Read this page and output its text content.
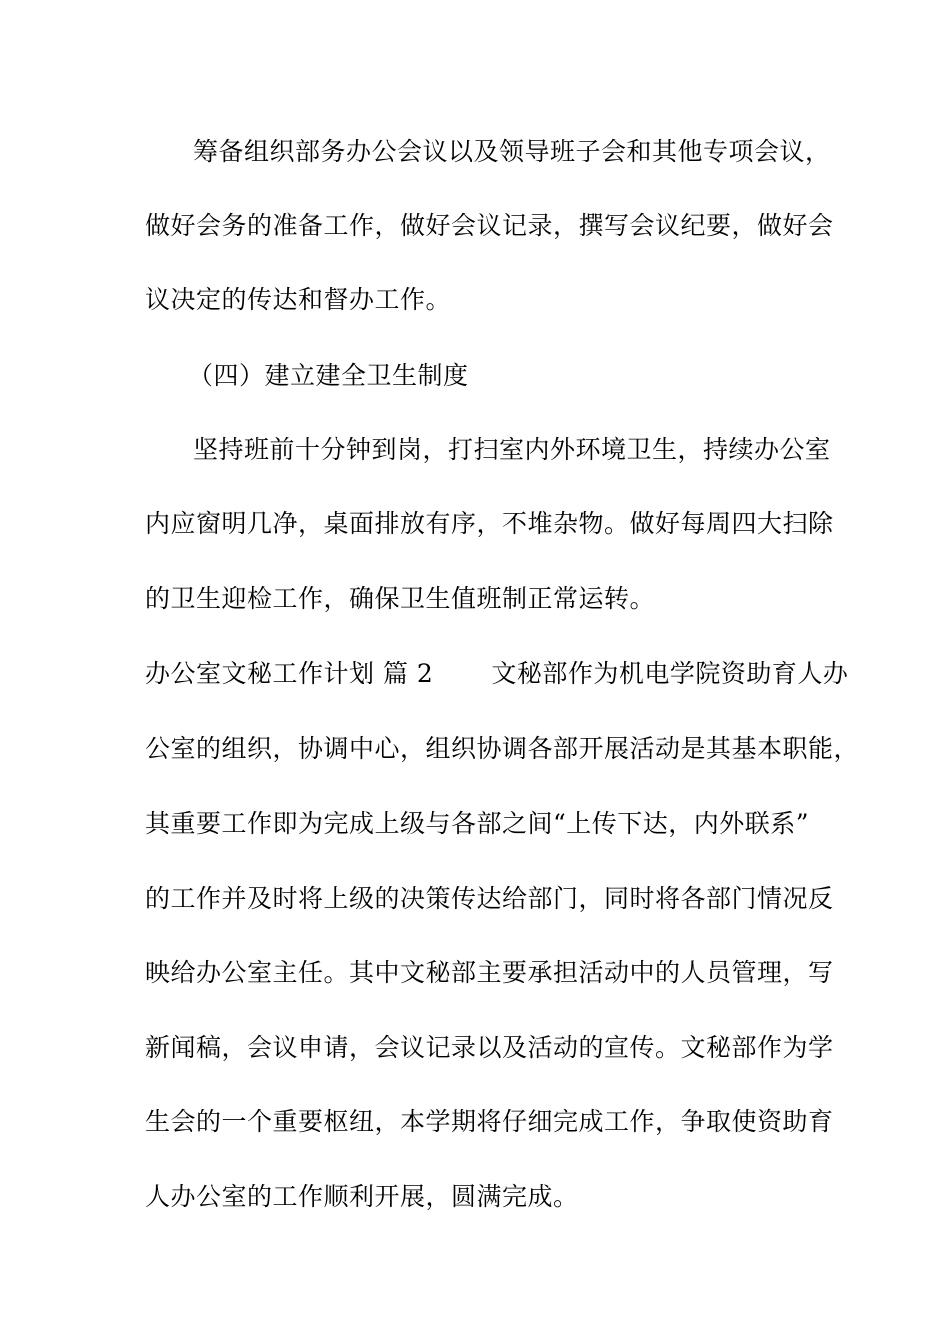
筹备组织部务办公会议以及领导班子会和其他专项会议，
做好会务的准备工作，做好会议记录，撰写会议纪要，做好会
议决定的传达和督办工作。
（四）建立建全卫生制度
坚持班前十分钟到岗，打扫室内外环境卫生，持续办公室
内应窗明几净，桌面排放有序，不堆杂物。做好每周四大扫除
的卫生迎检工作，确保卫生值班制正常运转。
办公室文秘工作计划 篇 2 文秘部作为机电学院资助育人办
公室的组织，协调中心，组织协调各部开展活动是其基本职能，
其重要工作即为完成上级与各部之间“上传下达，内外联系”
的工作并及时将上级的决策传达给部门，同时将各部门情况反
映给办公室主任。其中文秘部主要承担活动中的人员管理，写
新闻稿，会议申请，会议记录以及活动的宣传。文秘部作为学
生会的一个重要枢纽，本学期将仔细完成工作，争取使资助育
人办公室的工作顺利开展，圆满完成。
